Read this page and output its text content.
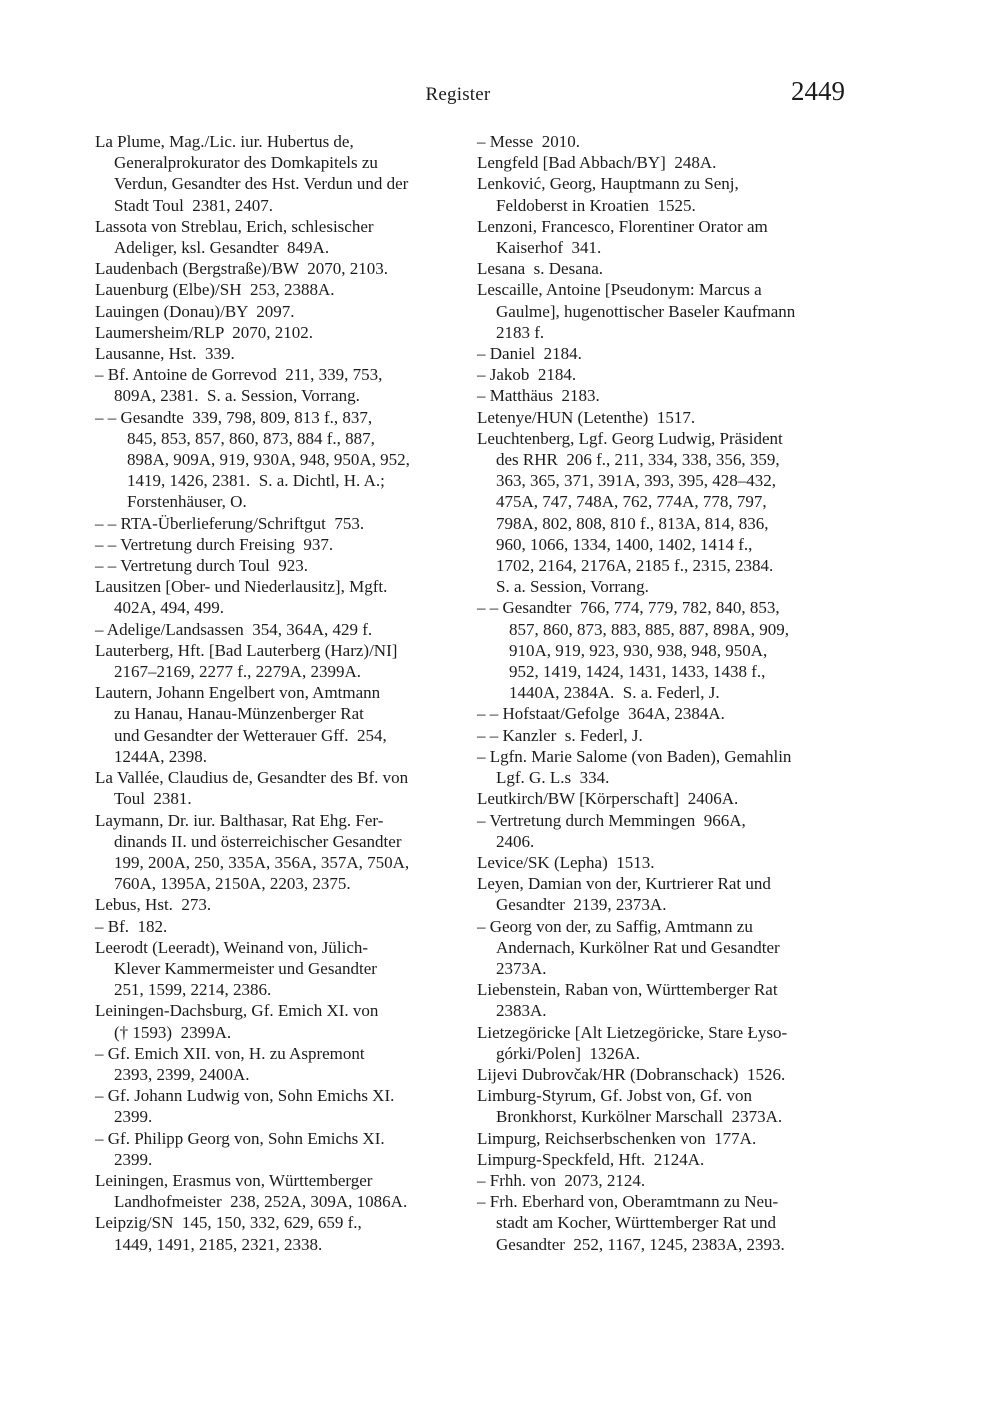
Register	2449
La Plume, Mag./Lic. iur. Hubertus de,
Generalprokurator des Domkapitels zu
Verdun, Gesandter des Hst. Verdun und der
Stadt Toul  2381, 2407.
Lassota von Streblau, Erich, schlesischer
Adeliger, ksl. Gesandter  849A.
Laudenbach (Bergstraße)/BW  2070, 2103.
Lauenburg (Elbe)/SH  253, 2388A.
Lauingen (Donau)/BY  2097.
Laumersheim/RLP  2070, 2102.
Lausanne, Hst.  339.
– Bf. Antoine de Gorrevod  211, 339, 753,
809A, 2381.  S. a. Session, Vorrang.
– – Gesandte  339, 798, 809, 813 f., 837,
845, 853, 857, 860, 873, 884 f., 887,
898A, 909A, 919, 930A, 948, 950A, 952,
1419, 1426, 2381.  S. a. Dichtl, H. A.;
Forstenhäuser, O.
– – RTA-Überlieferung/Schriftgut  753.
– – Vertretung durch Freising  937.
– – Vertretung durch Toul  923.
Lausitzen [Ober- und Niederlausitz], Mgft.
402A, 494, 499.
– Adelige/Landsassen  354, 364A, 429 f.
Lauterberg, Hft. [Bad Lauterberg (Harz)/NI]
2167–2169, 2277 f., 2279A, 2399A.
Lautern, Johann Engelbert von, Amtmann
zu Hanau, Hanau-Münzenberger Rat
und Gesandter der Wetterauer Gff.  254,
1244A, 2398.
La Vallée, Claudius de, Gesandter des Bf. von
Toul  2381.
Laymann, Dr. iur. Balthasar, Rat Ehg. Fer-
dinands II. und österreichischer Gesandter
199, 200A, 250, 335A, 356A, 357A, 750A,
760A, 1395A, 2150A, 2203, 2375.
Lebus, Hst.  273.
– Bf.  182.
Leerodt (Leeradt), Weinand von, Jülich-
Klever Kammermeister und Gesandter
251, 1599, 2214, 2386.
Leiningen-Dachsburg, Gf. Emich XI. von
(† 1593)  2399A.
– Gf. Emich XII. von, H. zu Aspremont
2393, 2399, 2400A.
– Gf. Johann Ludwig von, Sohn Emichs XI.
2399.
– Gf. Philipp Georg von, Sohn Emichs XI.
2399.
Leiningen, Erasmus von, Württemberger
Landhofmeister  238, 252A, 309A, 1086A.
Leipzig/SN  145, 150, 332, 629, 659 f.,
1449, 1491, 2185, 2321, 2338.
– Messe  2010.
Lengfeld [Bad Abbach/BY]  248A.
Lenković, Georg, Hauptmann zu Senj,
Feldoberst in Kroatien  1525.
Lenzoni, Francesco, Florentiner Orator am
Kaiserhof  341.
Lesana  s. Desana.
Lescaille, Antoine [Pseudonym: Marcus a
Gaulme], hugenottischer Baseler Kaufmann
2183 f.
– Daniel  2184.
– Jakob  2184.
– Matthäus  2183.
Letenye/HUN (Letenthe)  1517.
Leuchtenberg, Lgf. Georg Ludwig, Präsident
des RHR  206 f., 211, 334, 338, 356, 359,
363, 365, 371, 391A, 393, 395, 428–432,
475A, 747, 748A, 762, 774A, 778, 797,
798A, 802, 808, 810 f., 813A, 814, 836,
960, 1066, 1334, 1400, 1402, 1414 f.,
1702, 2164, 2176A, 2185 f., 2315, 2384.
S. a. Session, Vorrang.
– – Gesandter  766, 774, 779, 782, 840, 853,
857, 860, 873, 883, 885, 887, 898A, 909,
910A, 919, 923, 930, 938, 948, 950A,
952, 1419, 1424, 1431, 1433, 1438 f.,
1440A, 2384A.  S. a. Federl, J.
– – Hofstaat/Gefolge  364A, 2384A.
– – Kanzler  s. Federl, J.
– Lgfn. Marie Salome (von Baden), Gemahlin
Lgf. G. L.s  334.
Leutkirch/BW [Körperschaft]  2406A.
– Vertretung durch Memmingen  966A,
2406.
Levice/SK (Lepha)  1513.
Leyen, Damian von der, Kurtrierer Rat und
Gesandter  2139, 2373A.
– Georg von der, zu Saffig, Amtmann zu
Andernach, Kurkölner Rat und Gesandter
2373A.
Liebenstein, Raban von, Württemberger Rat
2383A.
Lietzegöricke [Alt Lietzegöricke, Stare Łyso-
górki/Polen]  1326A.
Lijevi Dubrovčak/HR (Dobranschack)  1526.
Limburg-Styrum, Gf. Jobst von, Gf. von
Bronkhorst, Kurkölner Marschall  2373A.
Limpurg, Reichserbschenken von  177A.
Limpurg-Speckfeld, Hft.  2124A.
– Frhh. von  2073, 2124.
– Frh. Eberhard von, Oberamtmann zu Neu-
stadt am Kocher, Württemberger Rat und
Gesandter  252, 1167, 1245, 2383A, 2393.
